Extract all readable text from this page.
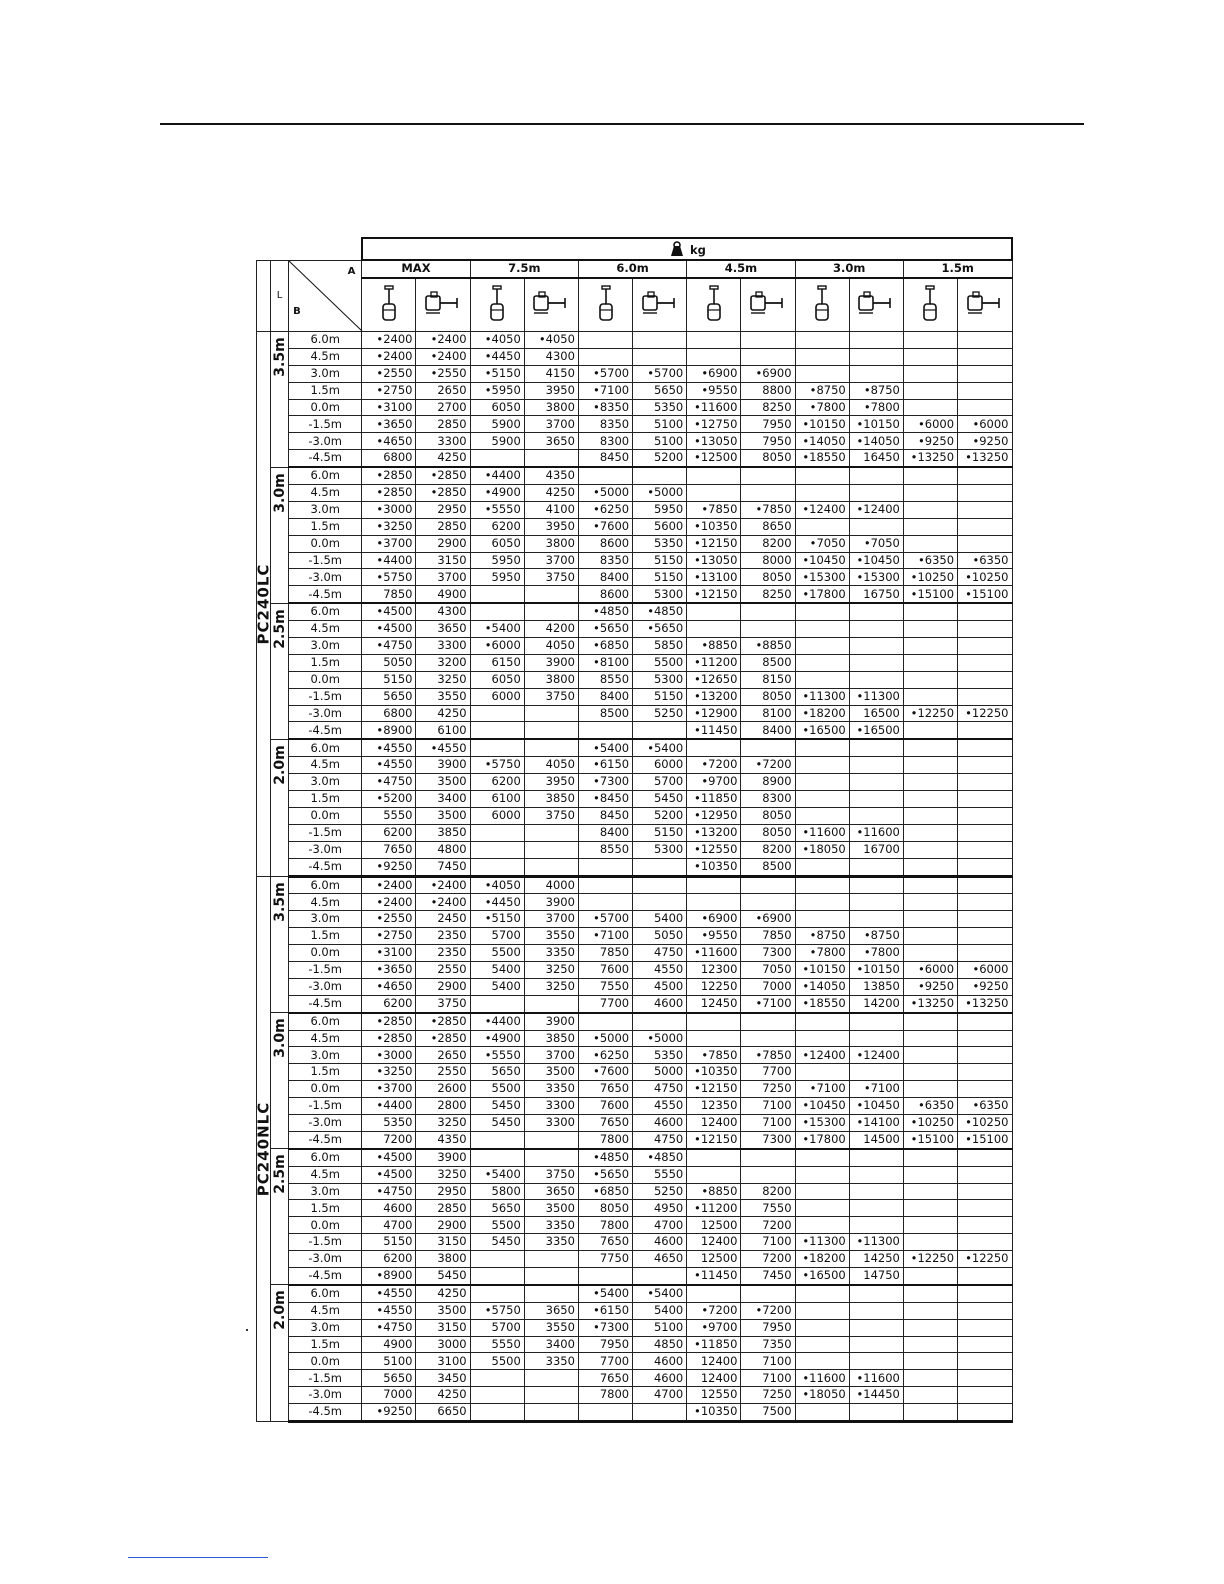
			kg											
	L	A
B	MAX		7.5m		6.0m		4.5m		3.0m		1.5m	

PC240LC	3.5m	6.0m	•2400	•2400	•4050	•4050								
		4.5m	•2400	•2400	•4450	4300								
		3.0m	•2550	•2550	•5150	4150	•5700	•5700	•6900	•6900				
		1.5m	•2750	2650	•5950	3950	•7100	5650	•9550	8800	•8750	•8750		
		0.0m	•3100	2700	6050	3800	•8350	5350	•11600	8250	•7800	•7800		
		-1.5m	•3650	2850	5900	3700	8350	5100	•12750	7950	•10150	•10150	•6000	•6000
		-3.0m	•4650	3300	5900	3650	8300	5100	•13050	7950	•14050	•14050	•9250	•9250
		-4.5m	6800	4250			8450	5200	•12500	8050	•18550	16450	•13250	•13250

	3.0m	6.0m	•2850	•2850	•4400	4350								
		4.5m	•2850	•2850	•4900	4250	•5000	•5000						
		3.0m	•3000	2950	•5550	4100	•6250	5950	•7850	•7850	•12400	•12400		
		1.5m	•3250	2850	6200	3950	•7600	5600	•10350	8650				
		0.0m	•3700	2900	6050	3800	8600	5350	•12150	8200	•7050	•7050		
		-1.5m	•4400	3150	5950	3700	8350	5150	•13050	8000	•10450	•10450	•6350	•6350
		-3.0m	•5750	3700	5950	3750	8400	5150	•13100	8050	•15300	•15300	•10250	•10250
		-4.5m	7850	4900			8600	5300	•12150	8250	•17800	16750	•15100	•15100

	2.5m	6.0m	•4500	4300			•4850	•4850						
		4.5m	•4500	3650	•5400	4200	•5650	•5650						
		3.0m	•4750	3300	•6000	4050	•6850	5850	•8850	•8850				
		1.5m	5050	3200	6150	3900	•8100	5500	•11200	8500				
		0.0m	5150	3250	6050	3800	8550	5300	•12650	8150				
		-1.5m	5650	3550	6000	3750	8400	5150	•13200	8050	•11300	•11300		
		-3.0m	6800	4250			8500	5250	•12900	8100	•18200	16500	•12250	•12250
		-4.5m	•8900	6100					•11450	8400	•16500	•16500		

	2.0m	6.0m	•4550	•4550			•5400	•5400						
		4.5m	•4550	3900	•5750	4050	•6150	6000	•7200	•7200				
		3.0m	•4750	3500	6200	3950	•7300	5700	•9700	8900				
		1.5m	•5200	3400	6100	3850	•8450	5450	•11850	8300				
		0.0m	5550	3500	6000	3750	8450	5200	•12950	8050				
		-1.5m	6200	3850			8400	5150	•13200	8050	•11600	•11600		
		-3.0m	7650	4800			8550	5300	•12550	8200	•18050	16700		
		-4.5m	•9250	7450					•10350	8500				

PC240NLC	3.5m	6.0m	•2400	•2400	•4050	4000								
		4.5m	•2400	•2400	•4450	3900								
		3.0m	•2550	2450	•5150	3700	•5700	5400	•6900	•6900				
		1.5m	•2750	2350	5700	3550	•7100	5050	•9550	7850	•8750	•8750		
		0.0m	•3100	2350	5500	3350	7850	4750	•11600	7300	•7800	•7800		
		-1.5m	•3650	2550	5400	3250	7600	4550	12300	7050	•10150	•10150	•6000	•6000
		-3.0m	•4650	2900	5400	3250	7550	4500	12250	7000	•14050	13850	•9250	•9250
		-4.5m	6200	3750			7700	4600	12450	•7100	•18550	14200	•13250	•13250

	3.0m	6.0m	•2850	•2850	•4400	3900								
		4.5m	•2850	•2850	•4900	3850	•5000	•5000						
		3.0m	•3000	2650	•5550	3700	•6250	5350	•7850	•7850	•12400	•12400		
		1.5m	•3250	2550	5650	3500	•7600	5000	•10350	7700				
		0.0m	•3700	2600	5500	3350	7650	4750	•12150	7250	•7100	•7100		
		-1.5m	•4400	2800	5450	3300	7600	4550	12350	7100	•10450	•10450	•6350	•6350
		-3.0m	5350	3250	5450	3300	7650	4600	12400	7100	•15300	•14100	•10250	•10250
		-4.5m	7200	4350			7800	4750	•12150	7300	•17800	14500	•15100	•15100

	2.5m	6.0m	•4500	3900			•4850	•4850						
		4.5m	•4500	3250	•5400	3750	•5650	5550						
		3.0m	•4750	2950	5800	3650	•6850	5250	•8850	8200				
		1.5m	4600	2850	5650	3500	8050	4950	•11200	7550				
		0.0m	4700	2900	5500	3350	7800	4700	12500	7200				
		-1.5m	5150	3150	5450	3350	7650	4600	12400	7100	•11300	•11300		
		-3.0m	6200	3800			7750	4650	12500	7200	•18200	14250	•12250	•12250
		-4.5m	•8900	5450					•11450	7450	•16500	14750		

	2.0m	6.0m	•4550	4250			•5400	•5400						
		4.5m	•4550	3500	•5750	3650	•6150	5400	•7200	•7200				
		3.0m	•4750	3150	5700	3550	•7300	5100	•9700	7950				
		1.5m	4900	3000	5550	3400	7950	4850	•11850	7350				
		0.0m	5100	3100	5500	3350	7700	4600	12400	7100				
		-1.5m	5650	3450			7650	4600	12400	7100	•11600	•11600		
		-3.0m	7000	4250			7800	4700	12550	7250	•18050	•14450		
		-4.5m	•9250	6650					•10350	7500				
